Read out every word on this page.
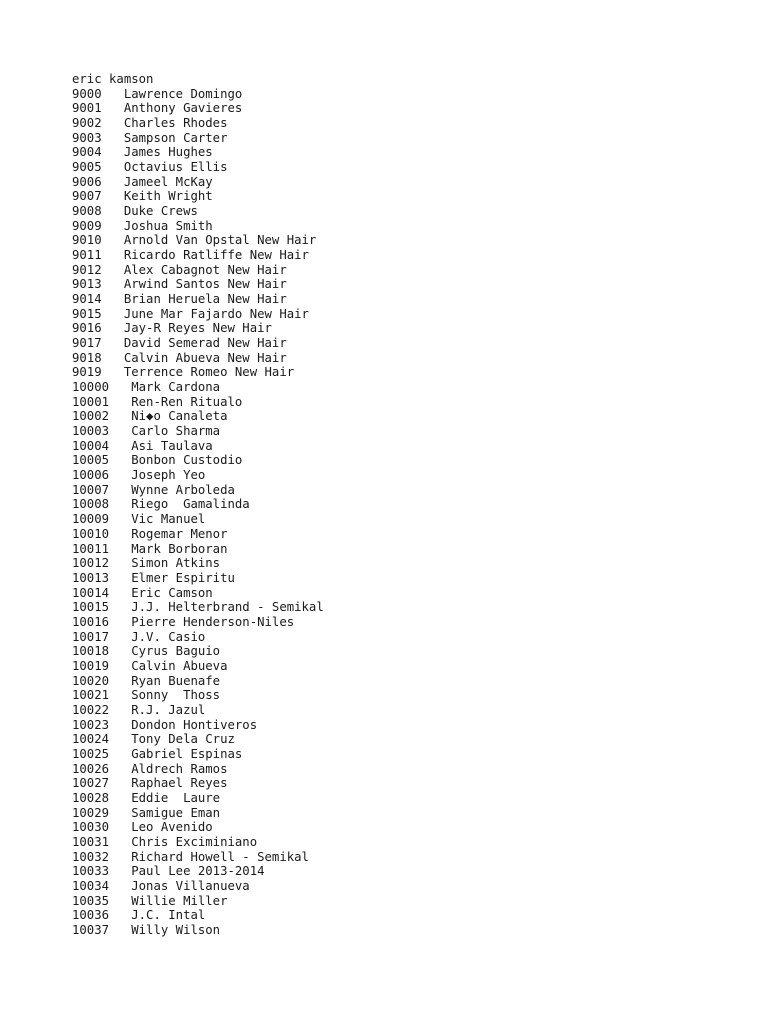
eric kamson
9000 Lawrence Domingo
9001 Anthony Gavieres
9002 Charles Rhodes
9003 Sampson Carter
9004 James Hughes
9005 Octavius Ellis
9006 Jameel McKay
9007 Keith Wright
9008 Duke Crews
9009 Joshua Smith
9010 Arnold Van Opstal New Hair
9011 Ricardo Ratliffe New Hair
9012 Alex Cabagnot New Hair
9013 Arwind Santos New Hair
9014 Brian Heruela New Hair
9015 June Mar Fajardo New Hair
9016 Jay-R Reyes New Hair
9017 David Semerad New Hair
9018 Calvin Abueva New Hair
9019 Terrence Romeo New Hair
10000 Mark Cardona
10001 Ren-Ren Ritualo
10002 Ni◆o Canaleta
10003 Carlo Sharma
10004 Asi Taulava
10005 Bonbon Custodio
10006 Joseph Yeo
10007 Wynne Arboleda
10008 Riego  Gamalinda
10009 Vic Manuel
10010 Rogemar Menor
10011 Mark Borboran
10012 Simon Atkins
10013 Elmer Espiritu
10014 Eric Camson
10015 J.J. Helterbrand - Semikal
10016 Pierre Henderson-Niles
10017 J.V. Casio
10018 Cyrus Baguio
10019 Calvin Abueva
10020 Ryan Buenafe
10021 Sonny  Thoss
10022 R.J. Jazul
10023 Dondon Hontiveros
10024 Tony Dela Cruz
10025 Gabriel Espinas
10026 Aldrech Ramos
10027 Raphael Reyes
10028 Eddie  Laure
10029 Samigue Eman
10030 Leo Avenido
10031 Chris Exciminiano
10032 Richard Howell - Semikal
10033 Paul Lee 2013-2014
10034 Jonas Villanueva
10035 Willie Miller
10036 J.C. Intal
10037 Willy Wilson
